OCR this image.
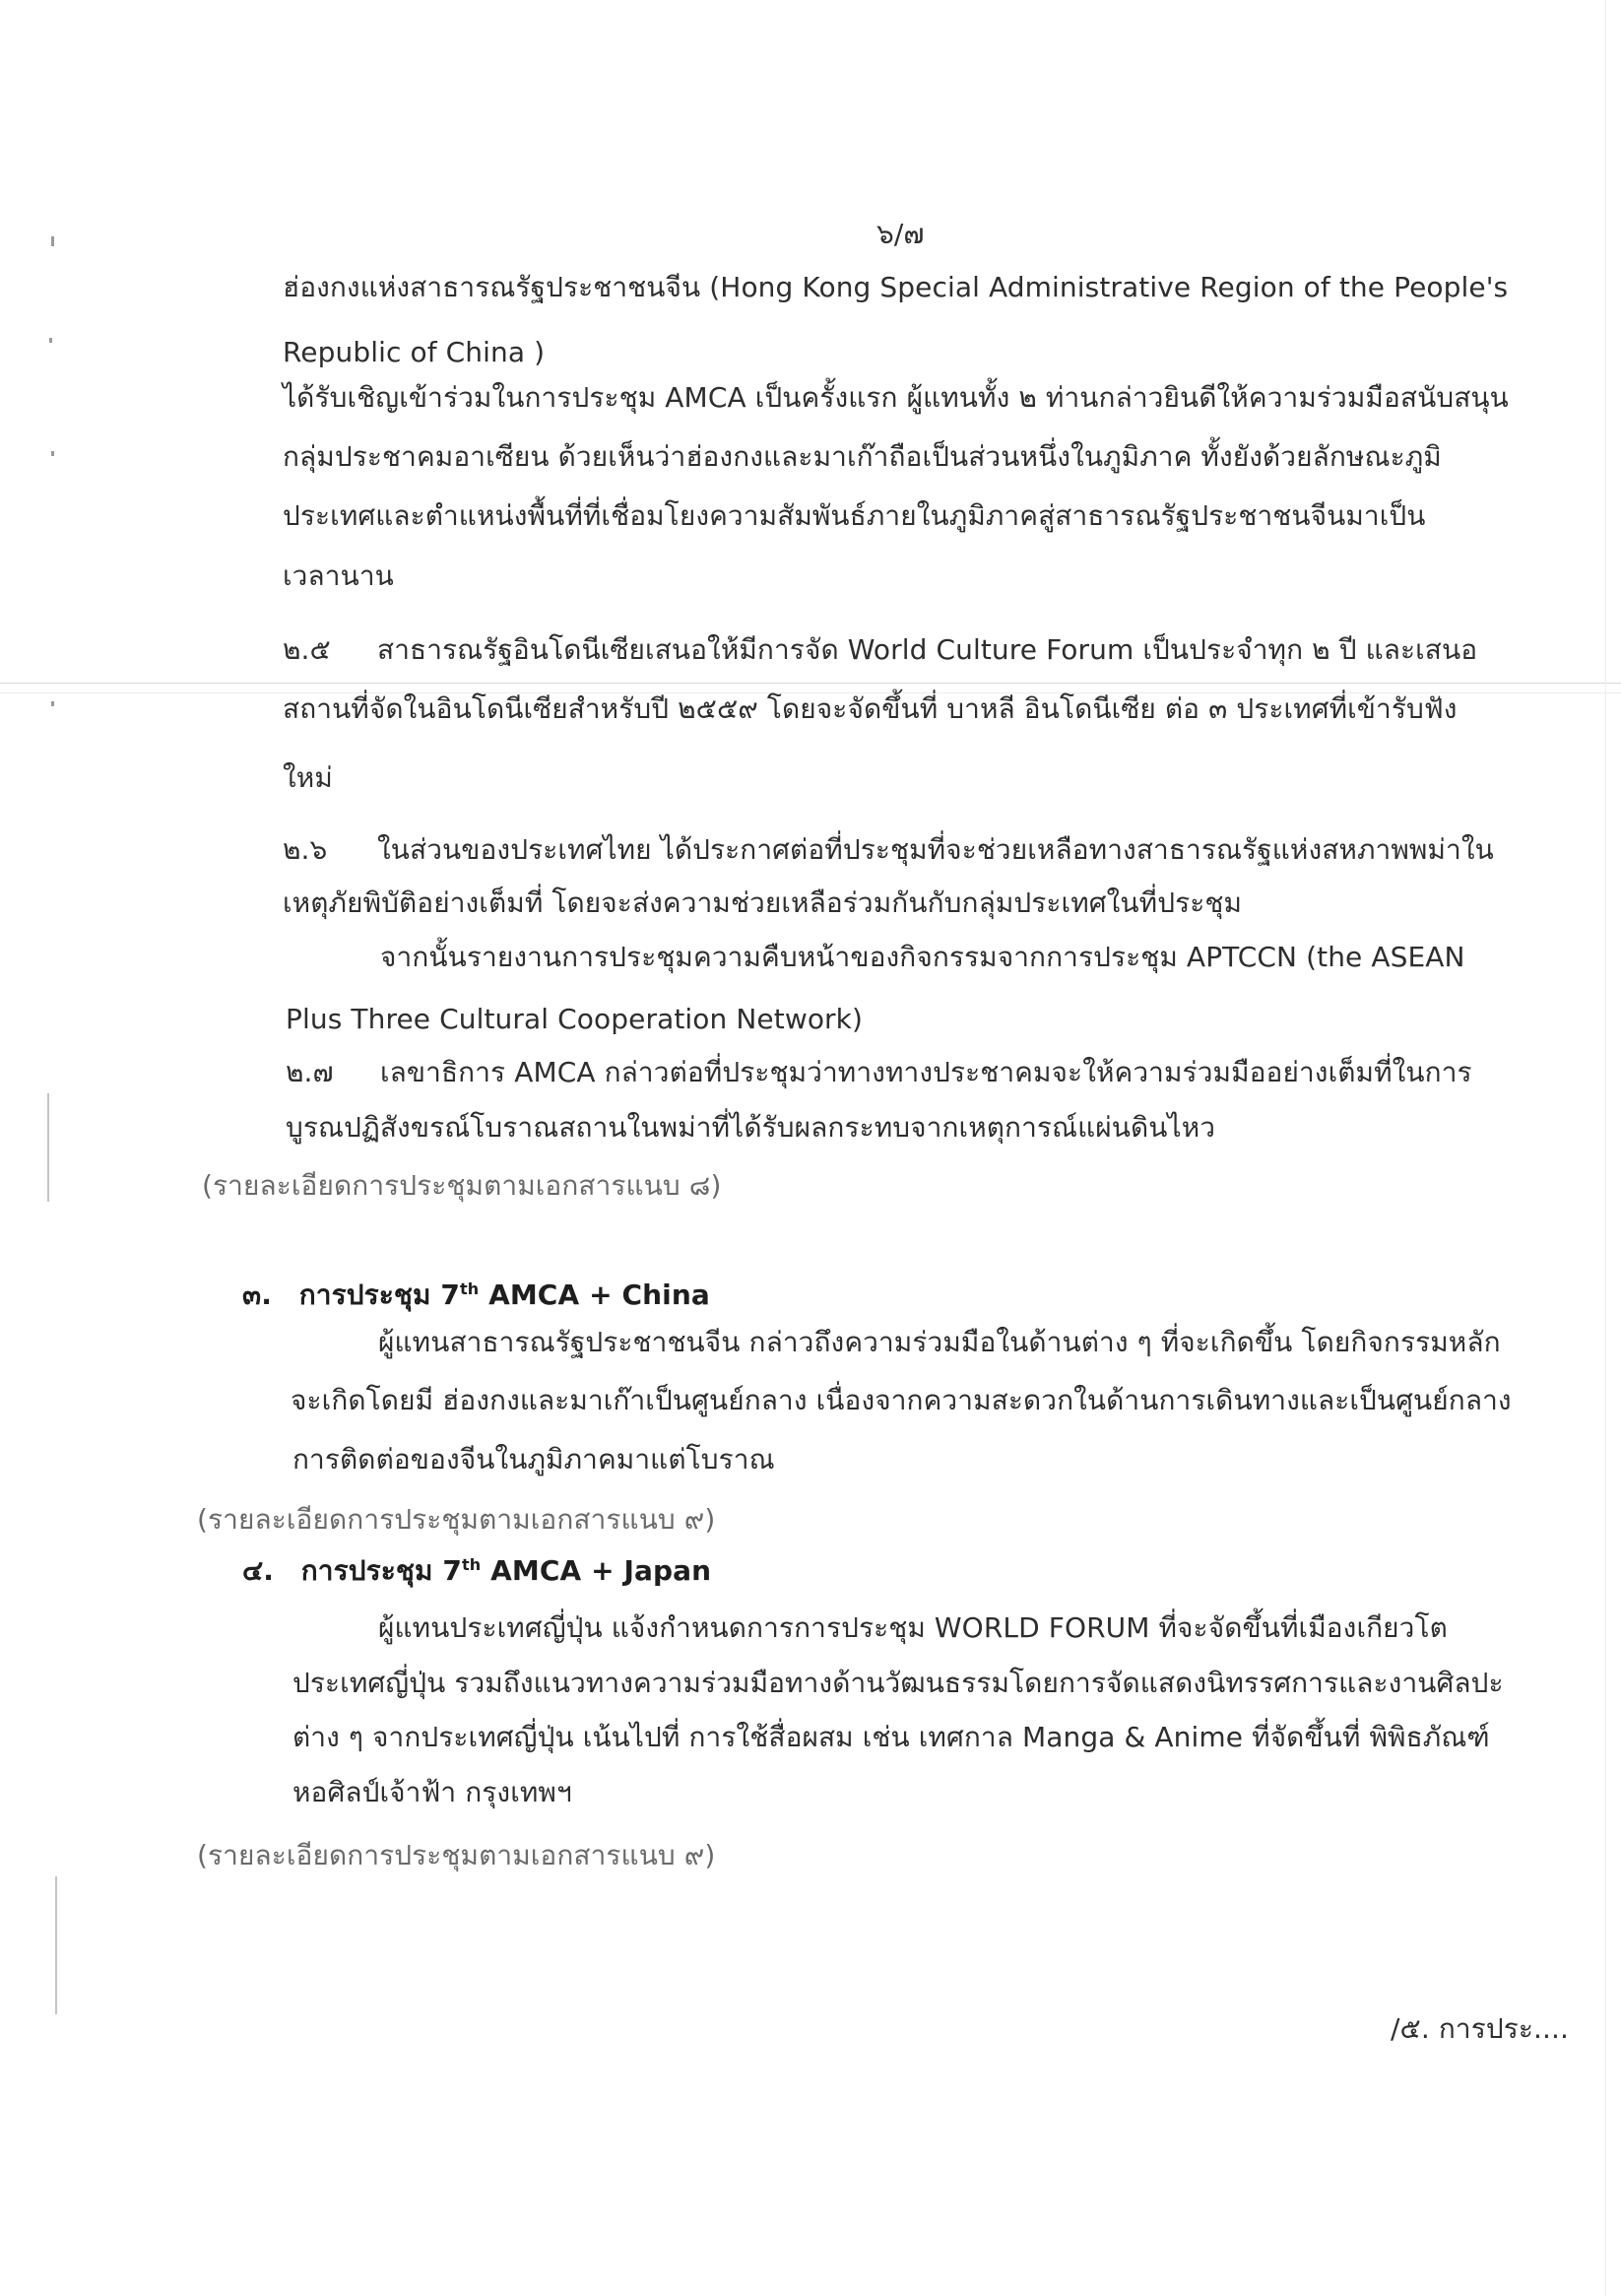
๖/๗
ฮ่องกงแห่งสาธารณรัฐประชาชนจีน (Hong Kong Special Administrative Region of the People's
Republic of China )
ได้รับเชิญเข้าร่วมในการประชุม AMCA เป็นครั้งแรก ผู้แทนทั้ง ๒ ท่านกล่าวยินดีให้ความร่วมมือสนับสนุน
กลุ่มประชาคมอาเซียน ด้วยเห็นว่าฮ่องกงและมาเก๊าถือเป็นส่วนหนึ่งในภูมิภาค ทั้งยังด้วยลักษณะภูมิ
ประเทศและตำแหน่งพื้นที่ที่เชื่อมโยงความสัมพันธ์ภายในภูมิภาคสู่สาธารณรัฐประชาชนจีนมาเป็น
เวลานาน
๒.๕ สาธารณรัฐอินโดนีเซียเสนอให้มีการจัด World Culture Forum เป็นประจำทุก ๒ ปี และเสนอ
สถานที่จัดในอินโดนีเซียสำหรับปี ๒๕๕๙ โดยจะจัดขึ้นที่ บาหลี อินโดนีเซีย ต่อ ๓ ประเทศที่เข้ารับฟัง
ใหม่
๒.๖ ในส่วนของประเทศไทย ได้ประกาศต่อที่ประชุมที่จะช่วยเหลือทางสาธารณรัฐแห่งสหภาพพม่าใน
เหตุภัยพิบัติอย่างเต็มที่ โดยจะส่งความช่วยเหลือร่วมกันกับกลุ่มประเทศในที่ประชุม
จากนั้นรายงานการประชุมความคืบหน้าของกิจกรรมจากการประชุม APTCCN (the ASEAN
Plus Three Cultural Cooperation Network)
๒.๗ เลขาธิการ AMCA กล่าวต่อที่ประชุมว่าทางทางประชาคมจะให้ความร่วมมืออย่างเต็มที่ในการ
บูรณปฏิสังขรณ์โบราณสถานในพม่าที่ได้รับผลกระทบจากเหตุการณ์แผ่นดินไหว
(รายละเอียดการประชุมตามเอกสารแนบ ๘)
๓. การประชุม 7th AMCA + China
ผู้แทนสาธารณรัฐประชาชนจีน กล่าวถึงความร่วมมือในด้านต่าง ๆ ที่จะเกิดขึ้น โดยกิจกรรมหลัก
จะเกิดโดยมี ฮ่องกงและมาเก๊าเป็นศูนย์กลาง เนื่องจากความสะดวกในด้านการเดินทางและเป็นศูนย์กลาง
การติดต่อของจีนในภูมิภาคมาแต่โบราณ
(รายละเอียดการประชุมตามเอกสารแนบ ๙)
๔. การประชุม 7th AMCA + Japan
ผู้แทนประเทศญี่ปุ่น แจ้งกำหนดการการประชุม WORLD FORUM ที่จะจัดขึ้นที่เมืองเกียวโต
ประเทศญี่ปุ่น รวมถึงแนวทางความร่วมมือทางด้านวัฒนธรรมโดยการจัดแสดงนิทรรศการและงานศิลปะ
ต่าง ๆ จากประเทศญี่ปุ่น เน้นไปที่ การใช้สื่อผสม เช่น เทศกาล Manga & Anime ที่จัดขึ้นที่ พิพิธภัณฑ์
หอศิลป์เจ้าฟ้า กรุงเทพฯ
(รายละเอียดการประชุมตามเอกสารแนบ ๙)
/๕. การประ....
